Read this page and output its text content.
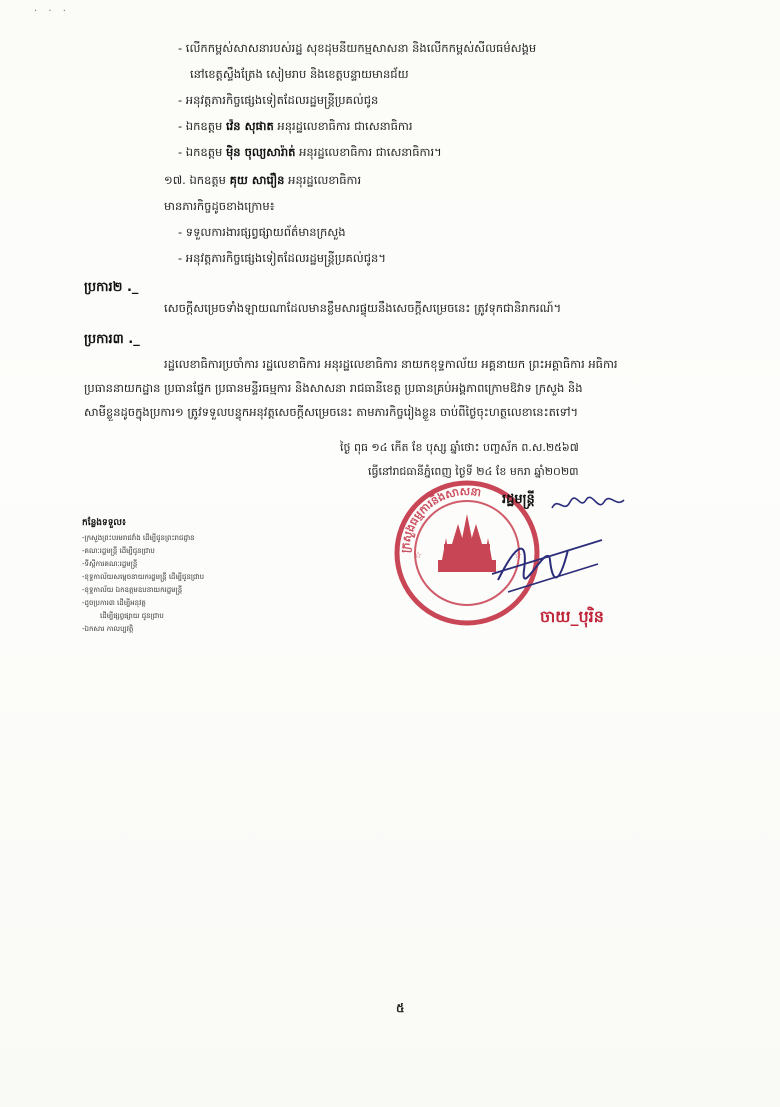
· · ·
- លើកកម្ពស់សាសនារបស់រដ្ឋ សុខដុមនីយកម្មសាសនា និងលើកកម្ពស់សីលធម៌សង្គម
នៅខេត្តស្ទឹងត្រែង សៀមរាប និងខេត្តបន្ទាយមានជ័យ
- អនុវត្តភារកិច្ចផ្សេងទៀតដែលរដ្ឋមន្ត្រីប្រគល់ជូន
- ឯកឧត្តម វ៉េន សុផាត អនុរដ្ឋលេខាធិការ ជាសេនាធិការ
- ឯកឧត្តម ម៉ិន ចុល្យសារ៉ាត់ អនុរដ្ឋលេខាធិការ ជាសេនាធិការ។
១៧. ឯកឧត្តម គុយ សារឿន អនុរដ្ឋលេខាធិការ
មានភារកិច្ចដូចខាងក្រោម៖
- ទទួលការងារផ្សព្វផ្សាយព័ត៌មានក្រសួង
- អនុវត្តភារកិច្ចផ្សេងទៀតដែលរដ្ឋមន្ត្រីប្រគល់ជូន។
ប្រការ២ ._
សេចក្តីសម្រេចទាំងឡាយណាដែលមានខ្លឹមសារផ្ទុយនឹងសេចក្តីសម្រេចនេះ ត្រូវទុកជានិរាករណ៍។
ប្រការ៣ ._
រដ្ឋលេខាធិការប្រចាំការ រដ្ឋលេខាធិការ អនុរដ្ឋលេខាធិការ នាយកខុទ្ទកាល័យ អគ្គនាយក ព្រះអគ្គាធិការ អធិការ
ប្រធាននាយកដ្ឋាន ប្រធានផ្នែក ប្រធានមន្ទីរធម្មការ និងសាសនា រាជធានីខេត្ត ប្រធានគ្រប់អង្គភាពក្រោមឱវាទ ក្រសួង និង
សាមីខ្លួនដូចក្នុងប្រការ១ ត្រូវទទួលបន្ទុកអនុវត្តសេចក្តីសម្រេចនេះ តាមភារកិច្ចរៀងខ្លួន ចាប់ពីថ្ងៃចុះហត្ថលេខានេះតទៅ។
ថ្ងៃ ពុធ ១៤ កើត ខែ បុស្ស ឆ្នាំថោះ បញ្ចស័ក ព.ស.២៥៦៧
ធ្វើនៅរាជធានីភ្នំពេញ ថ្ងៃទី ២៤ ខែ មករា ឆ្នាំ២០២៣
ក្រសួងធម្មការនិងសាសនា
☆	☆
រដ្ឋមន្ត្រី
ចាយ_បុរិន
កន្លែងទទួល៖
-ក្រសួងព្រះបរមរាជវាំង ដើម្បីជូនព្រះរាជជ្ញាន
-គណៈ​រដ្ឋមន្ត្រី ដើម្បីជូនជ្រាប
-ទីស្តីការគណៈ​រដ្ឋមន្ត្រី
-ខុទ្ទកាល័យសម្តេចនាយករដ្ឋមន្ត្រី ដើម្បីជូនជ្រាប
-ខុទ្ទកាល័យ ឯកឧត្តមឧបនាយករដ្ឋមន្ត្រី
-ដូចប្រការ៣ ដើម្បីអនុវត្ត
ដើម្បីផ្សព្វផ្សាយ ជូនជ្រាប
-ឯកសារ កាលប្បវត្តិ
៥
